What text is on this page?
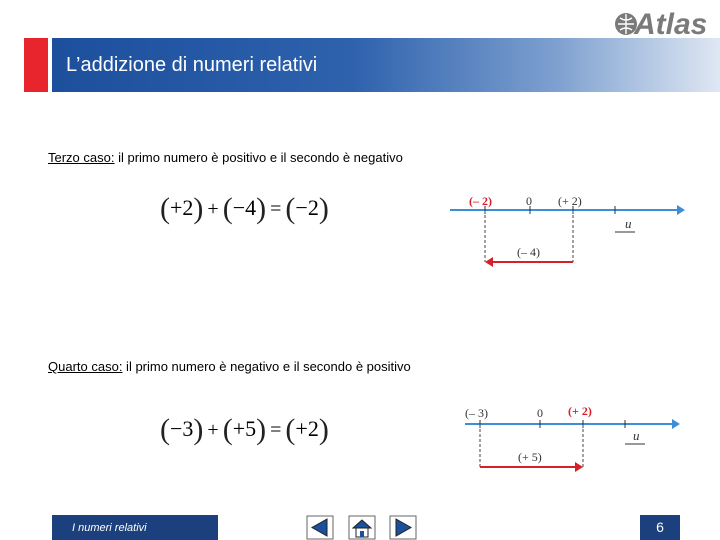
Atlas
L’addizione di numeri relativi
Terzo caso: il primo numero è positivo e il secondo è negativo
(+2) + (−4) = (−2)	(– 2)	0 (+ 2)
u
(– 4)
Quarto caso: il primo numero è negativo e il secondo è positivo
(−3) + (+5) = (+2)	(– 3)	0 (+ 2)
u
(+ 5)
I numeri relativi	6
